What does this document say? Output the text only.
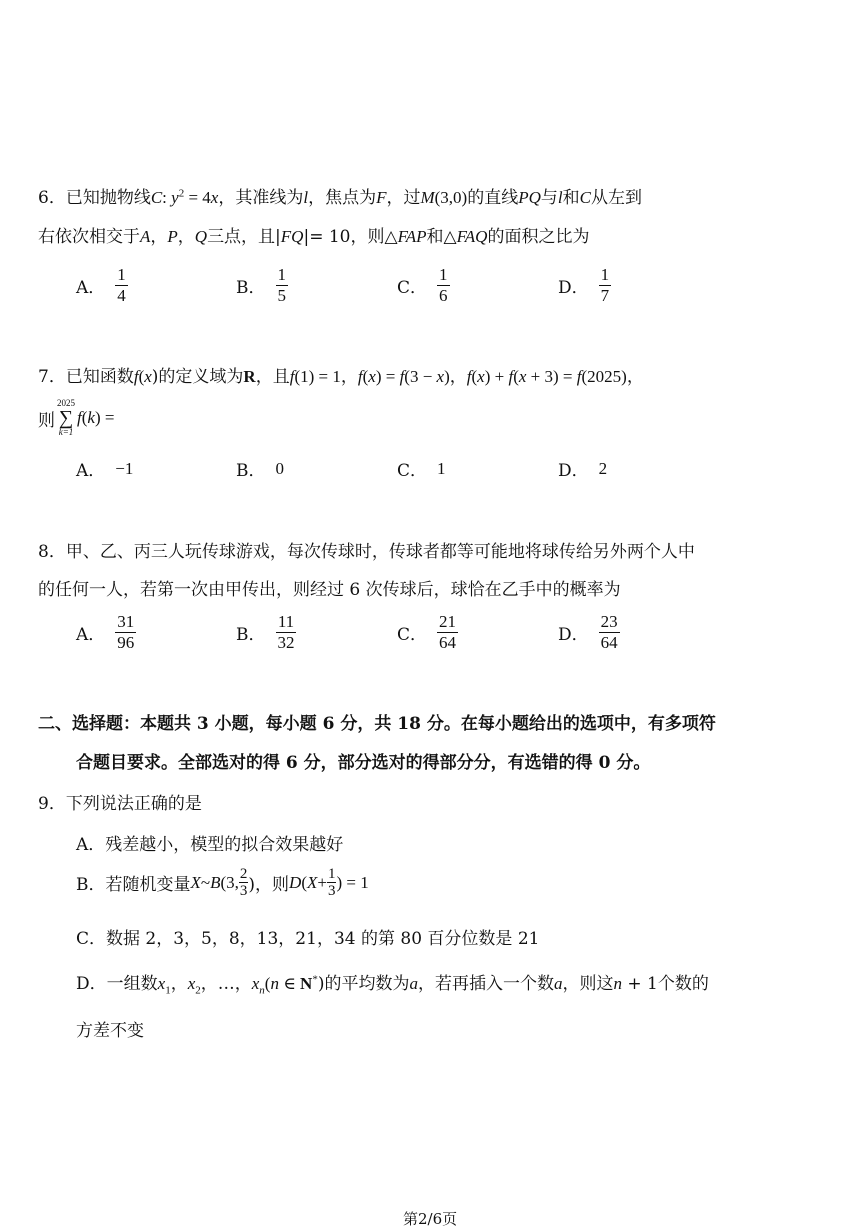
6．已知抛物线C: $y^2 = 4x$，其准线为l，焦点为F，过M(3,0)的直线PQ与l和C从左到
右依次相交于A，P，Q三点，且|FQ|= 10，则△FAP和△FAQ的面积之比为
A． $\frac{1}{4}$	B． $\frac{1}{5}$	C． $\frac{1}{6}$	D． $\frac{1}{7}$
7．已知函数f(x)的定义域为R，且f(1) = 1，f(x) = f(3 − x)，f(x) + f(x + 3) = f(2025)，
则
2025
∑
k=1
f ( k ) =
A． −1	B． 0	C． 1	D． 2
8．甲、乙、丙三人玩传球游戏，每次传球时，传球者都等可能地将球传给另外两个人中
的任何一人，若第一次由甲传出，则经过 6 次传球后，球恰在乙手中的概率为
A． $\frac{31}{96}$	B． $\frac{11}{32}$	C． $\frac{21}{64}$	D． $\frac{23}{64}$
二、选择题：本题共 3 小题，每小题 6 分，共 18 分。在每小题给出的选项中，有多项符
合题目要求。全部选对的得 6 分，部分选对的得部分分，有选错的得 0 分。
9．下列说法正确的是
A．残差越小，模型的拟合效果越好
B．若随机变量 X ~ B (3, $\frac{2}{3}$ )，则 D ( $X + \frac{1}{3}$ ) = 1
C．数据 2，3，5，8，13，21，34 的第 80 百分位数是 21
D．一组数$x_1$，$x_2$，…，$x_n(n$ ∈ N*)的平均数为a，若再插入一个数a，则这n + 1个数的
方差不变
第2/6页
